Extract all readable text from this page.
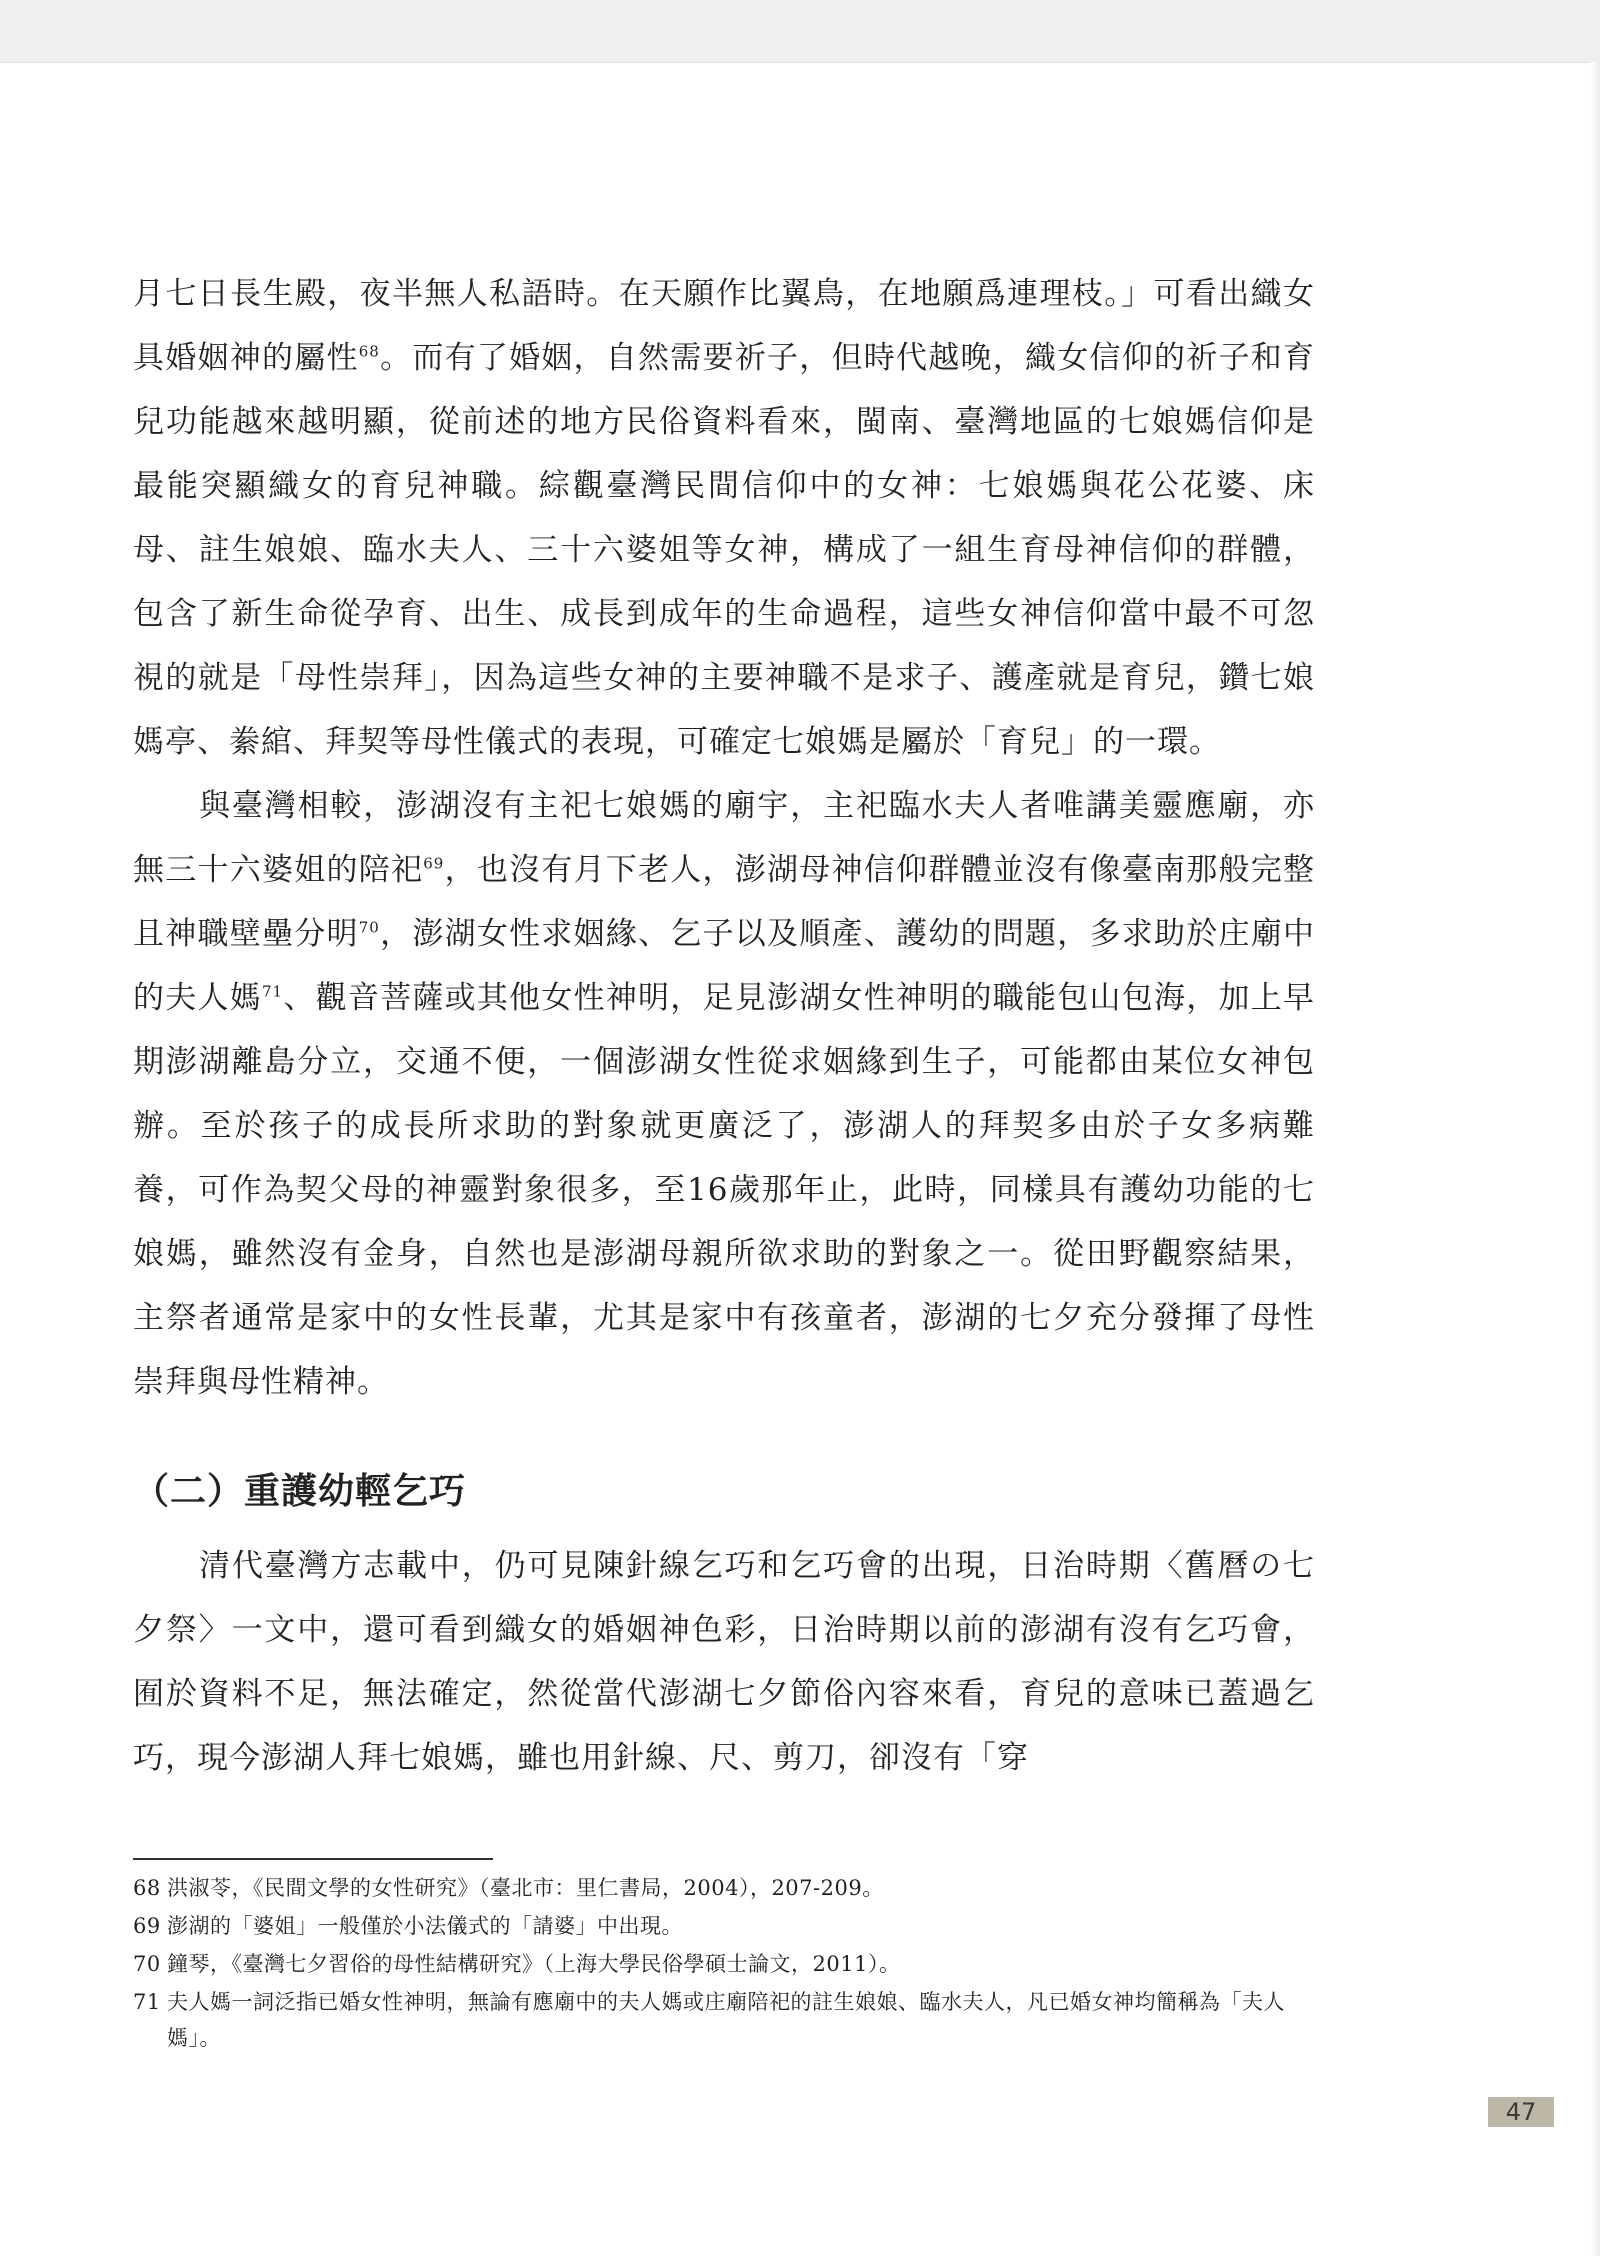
月七日長生殿，夜半無人私語時。在天願作比翼鳥，在地願爲連理枝。」可看出織女具婚姻神的屬性$^{68}$。而有了婚姻，自然需要祈子，但時代越晚，織女信仰的祈子和育兒功能越來越明顯，從前述的地方民俗資料看來，閩南、臺灣地區的七娘媽信仰是最能突顯織女的育兒神職。綜觀臺灣民間信仰中的女神：七娘媽與花公花婆、床母、註生娘娘、臨水夫人、三十六婆姐等女神，構成了一組生育母神信仰的群體，包含了新生命從孕育、出生、成長到成年的生命過程，這些女神信仰當中最不可忽視的就是「母性崇拜」，因為這些女神的主要神職不是求子、護產就是育兒，鑽七娘媽亭、絭綰、拜契等母性儀式的表現，可確定七娘媽是屬於「育兒」的一環。

與臺灣相較，澎湖沒有主祀七娘媽的廟宇，主祀臨水夫人者唯講美靈應廟，亦無三十六婆姐的陪祀$^{69}$，也沒有月下老人，澎湖母神信仰群體並沒有像臺南那般完整且神職壁壘分明$^{70}$，澎湖女性求姻緣、乞子以及順產、護幼的問題，多求助於庄廟中的夫人媽$^{71}$、觀音菩薩或其他女性神明，足見澎湖女性神明的職能包山包海，加上早期澎湖離島分立，交通不便，一個澎湖女性從求姻緣到生子，可能都由某位女神包辦。至於孩子的成長所求助的對象就更廣泛了，澎湖人的拜契多由於子女多病難養，可作為契父母的神靈對象很多，至16歲那年止，此時，同樣具有護幼功能的七娘媽，雖然沒有金身，自然也是澎湖母親所欲求助的對象之一。從田野觀察結果，主祭者通常是家中的女性長輩，尤其是家中有孩童者，澎湖的七夕充分發揮了母性崇拜與母性精神。

（二）重護幼輕乞巧

清代臺灣方志載中，仍可見陳針線乞巧和乞巧會的出現，日治時期〈舊曆の七夕祭〉一文中，還可看到織女的婚姻神色彩，日治時期以前的澎湖有沒有乞巧會，囿於資料不足，無法確定，然從當代澎湖七夕節俗內容來看，育兒的意味已蓋過乞巧，現今澎湖人拜七娘媽，雖也用針線、尺、剪刀，卻沒有「穿

68 洪淑苓，《民間文學的女性研究》（臺北市：里仁書局，2004），207-209。
69 澎湖的「婆姐」一般僅於小法儀式的「請婆」中出現。
70 鐘琴，《臺灣七夕習俗的母性結構研究》（上海大學民俗學碩士論文，2011）。
71 夫人媽一詞泛指已婚女性神明，無論有應廟中的夫人媽或庄廟陪祀的註生娘娘、臨水夫人，凡已婚女神均簡稱為「夫人媽」。
47
